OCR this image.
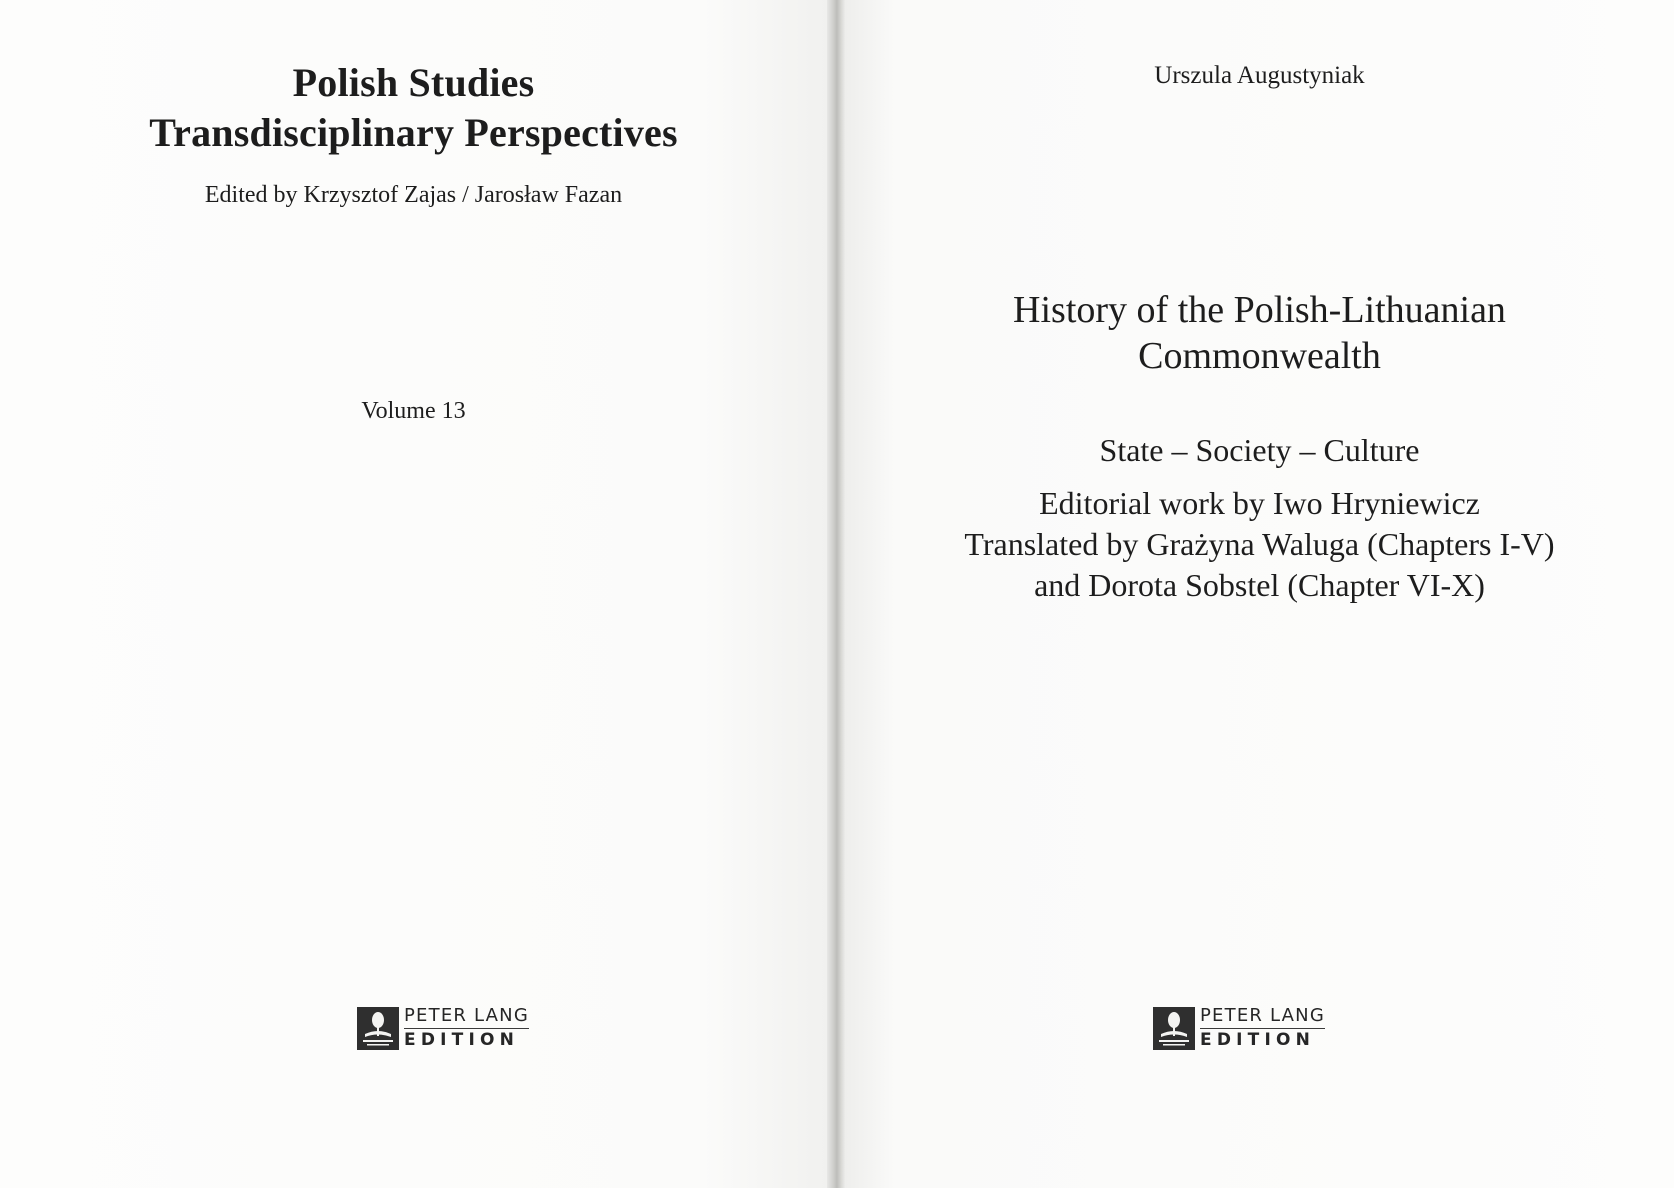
Polish Studies
Transdisciplinary Perspectives
Edited by Krzysztof Zajas / Jarosław Fazan
Volume 13
PETER LANG
EDITION
Urszula Augustyniak
History of the Polish-Lithuanian
Commonwealth
State – Society – Culture
Editorial work by Iwo Hryniewicz
Translated by Grażyna Waluga (Chapters I-V)
and Dorota Sobstel (Chapter VI-X)
PETER LANG
EDITION
